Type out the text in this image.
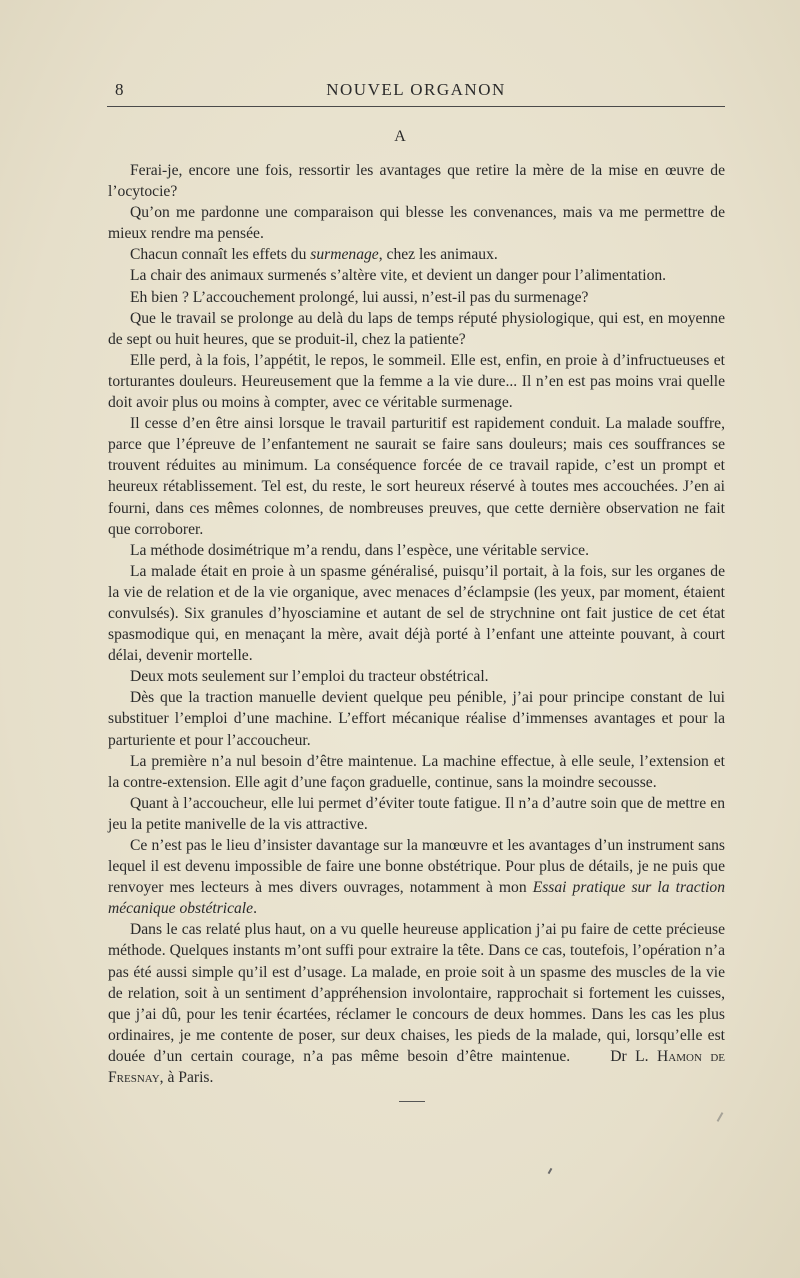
8	NOUVEL ORGANON
A

Ferai-je, encore une fois, ressortir les avantages que retire la mère de la mise en œuvre de l’ocytocie?

Qu’on me pardonne une comparaison qui blesse les convenances, mais va me permettre de mieux rendre ma pensée.

Chacun connaît les effets du surmenage, chez les animaux.

La chair des animaux surmenés s’altère vite, et devient un danger pour l’alimentation.

Eh bien ? L’accouchement prolongé, lui aussi, n’est-il pas du surmenage?

Que le travail se prolonge au delà du laps de temps réputé physiologique, qui est, en moyenne de sept ou huit heures, que se produit-il, chez la patiente?

Elle perd, à la fois, l’appétit, le repos, le sommeil. Elle est, enfin, en proie à d’infructueuses et torturantes douleurs. Heureusement que la femme a la vie dure... Il n’en est pas moins vrai quelle doit avoir plus ou moins à compter, avec ce véritable surmenage.

Il cesse d’en être ainsi lorsque le travail parturitif est rapidement conduit. La malade souffre, parce que l’épreuve de l’enfantement ne saurait se faire sans douleurs; mais ces souffrances se trouvent réduites au minimum. La conséquence forcée de ce travail rapide, c’est un prompt et heureux rétablissement. Tel est, du reste, le sort heureux réservé à toutes mes accouchées. J’en ai fourni, dans ces mêmes colonnes, de nombreuses preuves, que cette dernière observation ne fait que corroborer.

La méthode dosimétrique m’a rendu, dans l’espèce, une véritable service.

La malade était en proie à un spasme généralisé, puisqu’il portait, à la fois, sur les organes de la vie de relation et de la vie organique, avec menaces d’éclampsie (les yeux, par moment, étaient convulsés). Six granules d’hyosciamine et autant de sel de strychnine ont fait justice de cet état spasmodique qui, en menaçant la mère, avait déjà porté à l’enfant une atteinte pouvant, à court délai, devenir mortelle.

Deux mots seulement sur l’emploi du tracteur obstétrical.

Dès que la traction manuelle devient quelque peu pénible, j’ai pour principe constant de lui substituer l’emploi d’une machine. L’effort mécanique réalise d’immenses avantages et pour la parturiente et pour l’accoucheur.

La première n’a nul besoin d’être maintenue. La machine effectue, à elle seule, l’extension et la contre-extension. Elle agit d’une façon graduelle, continue, sans la moindre secousse.

Quant à l’accoucheur, elle lui permet d’éviter toute fatigue. Il n’a d’autre soin que de mettre en jeu la petite manivelle de la vis attractive.

Ce n’est pas le lieu d’insister davantage sur la manœuvre et les avantages d’un instrument sans lequel il est devenu impossible de faire une bonne obstétrique. Pour plus de détails, je ne puis que renvoyer mes lecteurs à mes divers ouvrages, notamment à mon Essai pratique sur la traction mécanique obstétricale.

Dans le cas relaté plus haut, on a vu quelle heureuse application j’ai pu faire de cette précieuse méthode. Quelques instants m’ont suffi pour extraire la tête. Dans ce cas, toutefois, l’opération n’a pas été aussi simple qu’il est d’usage. La malade, en proie soit à un spasme des muscles de la vie de relation, soit à un sentiment d’appréhension involontaire, rapprochait si fortement les cuisses, que j’ai dû, pour les tenir écartées, réclamer le concours de deux hommes. Dans les cas les plus ordinaires, je me contente de poser, sur deux chaises, les pieds de la malade, qui, lorsqu’elle est douée d’un certain courage, n’a pas même besoin d’être maintenue.	Dr L. Hamon de Fresnay, à Paris.
